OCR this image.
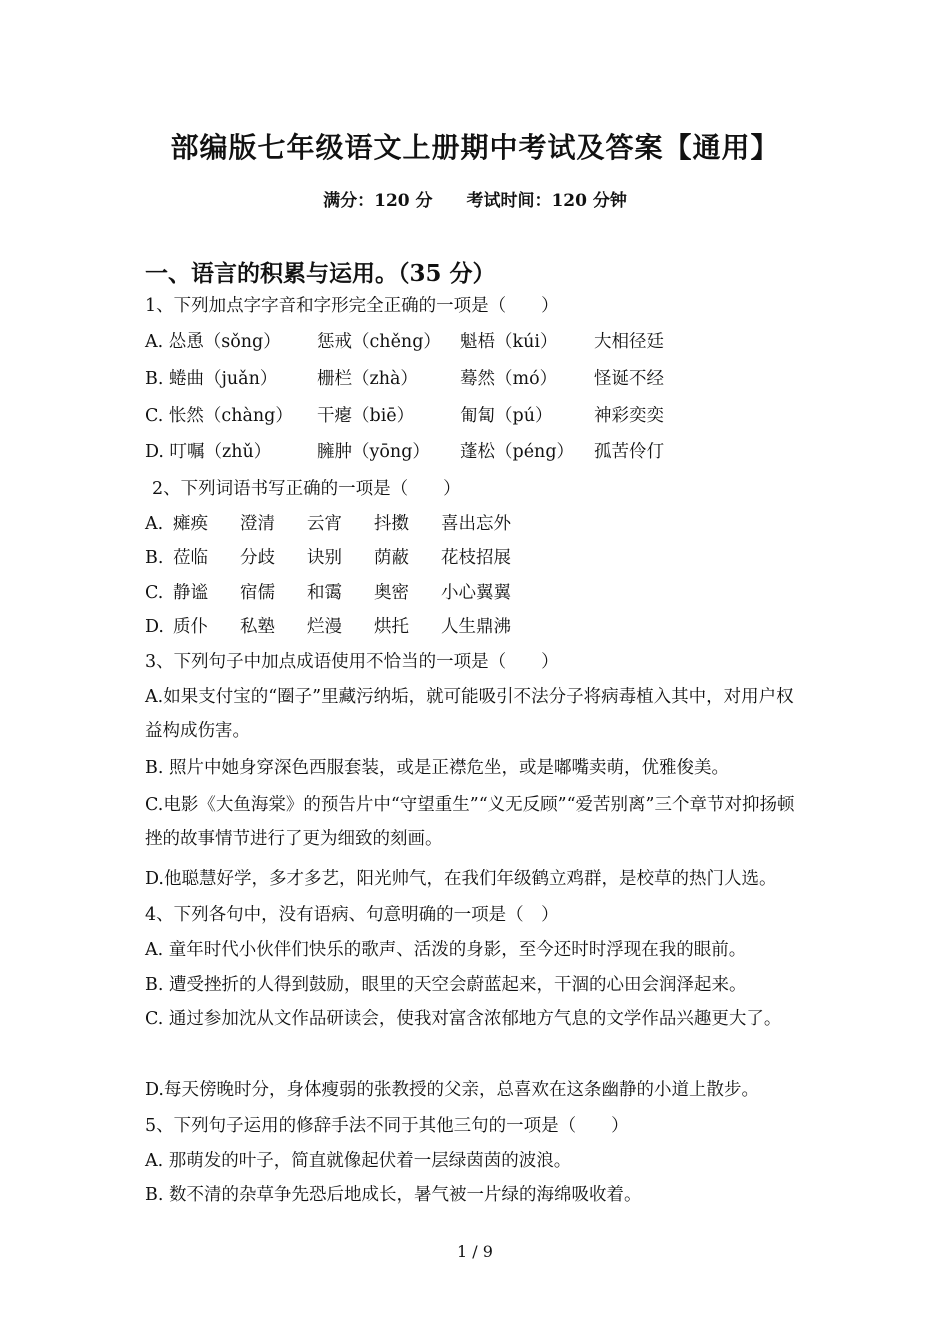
部编版七年级语文上册期中考试及答案【通用】
满分：120 分 考试时间：120 分钟
一、语言的积累与运用。（35 分）
1、下列加点字字音和字形完全正确的一项是（　　）
A. 怂恿（sǒng） 惩戒（chěng） 魁梧（kúi） 大相径廷
B. 蜷曲（juǎn） 栅栏（zhà） 蓦然（mó） 怪诞不经
C. 怅然（chàng） 干瘪（biē）	匍匐（pú） 神彩奕奕
D. 叮嘱（zhǔ）	臃肿（yōng） 蓬松（péng） 孤苦伶仃
2、下列词语书写正确的一项是（　　）
A. 瘫痪 澄清 云宵 抖擞 喜出忘外
B. 莅临 分歧 诀别 荫蔽 花枝招展
C. 静谧 宿儒 和霭 奥密 小心翼翼
D. 质仆 私塾 烂漫 烘托 人生鼎沸
3、下列句子中加点成语使用不恰当的一项是（　　）
A.如果支付宝的“圈子”里藏污纳垢，就可能吸引不法分子将病毒植入其中，对用户权益构成伤害。
B. 照片中她身穿深色西服套装，或是正襟危坐，或是嘟嘴卖萌，优雅俊美。
C.电影《大鱼海棠》的预告片中“守望重生”“义无反顾”“爱苦别离”三个章节对抑扬顿挫的故事情节进行了更为细致的刻画。
D.他聪慧好学，多才多艺，阳光帅气，在我们年级鹤立鸡群，是校草的热门人选。
4、下列各句中，没有语病、句意明确的一项是（　）
A. 童年时代小伙伴们快乐的歌声、活泼的身影，至今还时时浮现在我的眼前。
B. 遭受挫折的人得到鼓励，眼里的天空会蔚蓝起来，干涸的心田会润泽起来。
C. 通过参加沈从文作品研读会，使我对富含浓郁地方气息的文学作品兴趣更大了。
D.每天傍晚时分，身体瘦弱的张教授的父亲，总喜欢在这条幽静的小道上散步。
5、下列句子运用的修辞手法不同于其他三句的一项是（　　）
A. 那萌发的叶子，简直就像起伏着一层绿茵茵的波浪。
B. 数不清的杂草争先恐后地成长，暑气被一片绿的海绵吸收着。
1 / 9
